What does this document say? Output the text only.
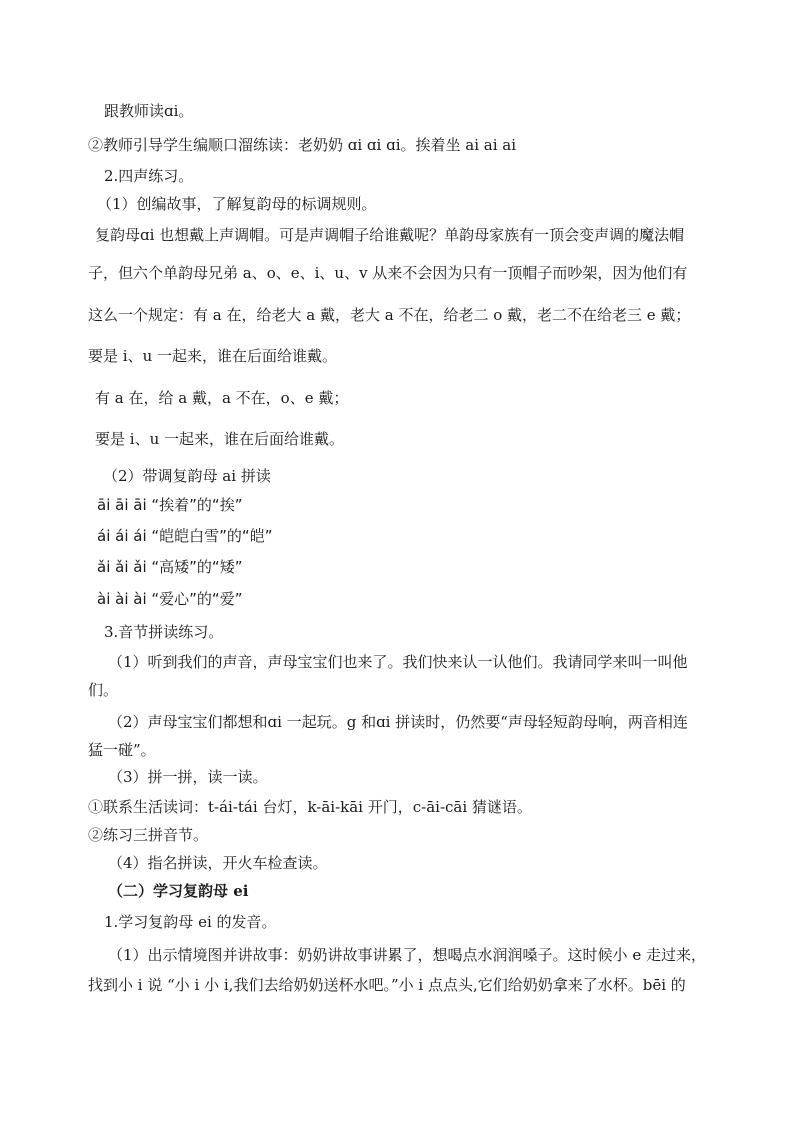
跟教师读ɑi。
②教师引导学生编顺口溜练读：老奶奶 ɑi ɑi ɑi。挨着坐 ai ai ai
2.四声练习。
（1）创编故事，了解复韵母的标调规则。
复韵母ɑi 也想戴上声调帽。可是声调帽子给谁戴呢？单韵母家族有一顶会变声调的魔法帽
子，但六个单韵母兄弟 a、o、e、i、u、v 从来不会因为只有一顶帽子而吵架，因为他们有
这么一个规定：有 a 在，给老大 a 戴，老大 a 不在，给老二 o 戴，老二不在给老三 e 戴；
要是 i、u 一起来，谁在后面给谁戴。
有 a 在，给 a 戴，a 不在，o、e 戴；
要是 i、u 一起来，谁在后面给谁戴。
（2）带调复韵母 ai 拼读
āi āi āi “挨着”的“挨”
ái ái ái “皑皑白雪”的“皑”
ǎi ǎi ǎi “高矮”的“矮”
ài ài ài “爱心”的“爱”
3.音节拼读练习。
（1）听到我们的声音，声母宝宝们也来了。我们快来认一认他们。我请同学来叫一叫他
们。
（2）声母宝宝们都想和ɑi 一起玩。g 和ɑi 拼读时，仍然要“声母轻短韵母响，两音相连
猛一碰”。
（3）拼一拼，读一读。
①联系生活读词：t-ái-tái 台灯，k-āi-kāi 开门，c-āi-cāi 猜谜语。
②练习三拼音节。
（4）指名拼读，开火车检查读。
（二）学习复韵母 ei
1.学习复韵母 ei 的发音。
（1）出示情境图并讲故事：奶奶讲故事讲累了，想喝点水润润嗓子。这时候小 e 走过来，
找到小 i 说 “小 i 小 i,我们去给奶奶送杯水吧。”小 i 点点头,它们给奶奶拿来了水杯。bēi 的
